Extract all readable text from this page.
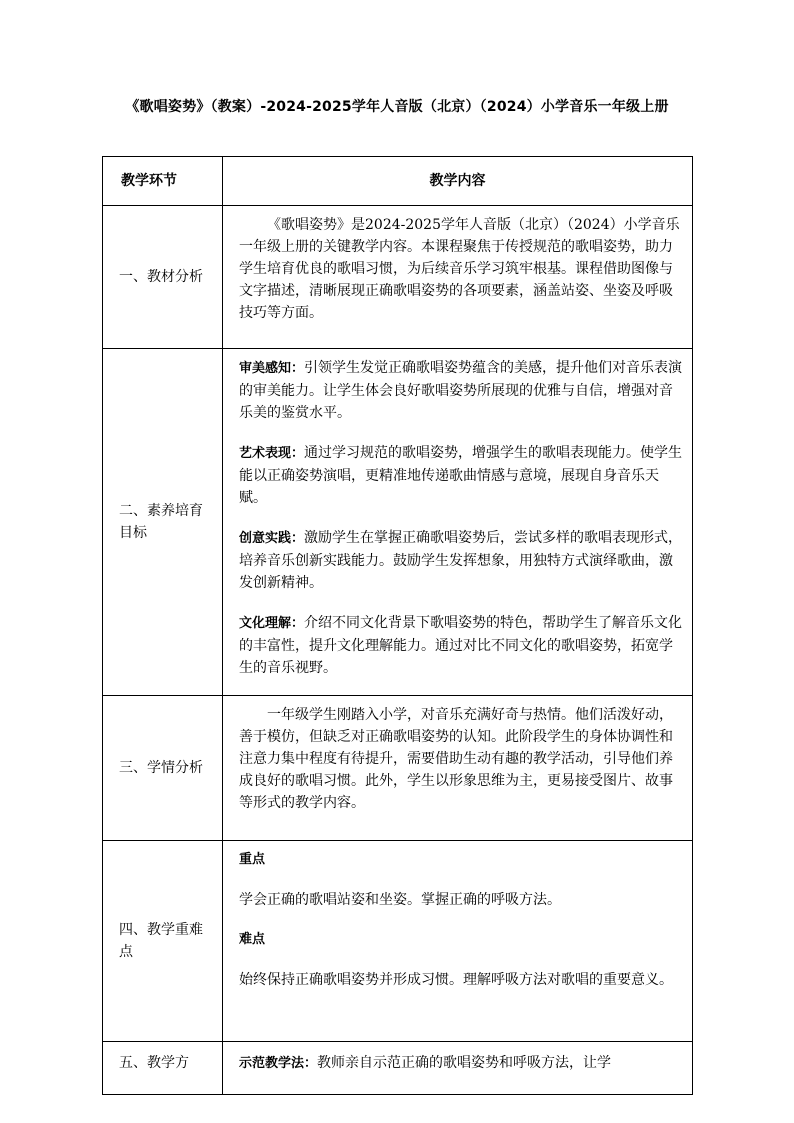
《歌唱姿势》（教案）-2024-2025学年人音版（北京）（2024）小学音乐一年级上册
教学环节	教学内容
一、教材分析	《歌唱姿势》是2024-2025学年人音版（北京）（2024）小学音乐一年级上册的关键教学内容。本课程聚焦于传授规范的歌唱姿势，助力学生培育优良的歌唱习惯，为后续音乐学习筑牢根基。课程借助图像与文字描述，清晰展现正确歌唱姿势的各项要素，涵盖站姿、坐姿及呼吸技巧等方面。

二、素养培育目标	审美感知：引领学生发觉正确歌唱姿势蕴含的美感，提升他们对音乐表演的审美能力。让学生体会良好歌唱姿势所展现的优雅与自信，增强对音乐美的鉴赏水平。

艺术表现：通过学习规范的歌唱姿势，增强学生的歌唱表现能力。使学生能以正确姿势演唱，更精准地传递歌曲情感与意境，展现自身音乐天赋。

创意实践：激励学生在掌握正确歌唱姿势后，尝试多样的歌唱表现形式，培养音乐创新实践能力。鼓励学生发挥想象，用独特方式演绎歌曲，激发创新精神。

文化理解：介绍不同文化背景下歌唱姿势的特色，帮助学生了解音乐文化的丰富性，提升文化理解能力。通过对比不同文化的歌唱姿势，拓宽学生的音乐视野。

三、学情分析	一年级学生刚踏入小学，对音乐充满好奇与热情。他们活泼好动，善于模仿，但缺乏对正确歌唱姿势的认知。此阶段学生的身体协调性和注意力集中程度有待提升，需要借助生动有趣的教学活动，引导他们养成良好的歌唱习惯。此外，学生以形象思维为主，更易接受图片、故事等形式的教学内容。

四、教学重难点	重点

学会正确的歌唱站姿和坐姿。掌握正确的呼吸方法。

难点

始终保持正确歌唱姿势并形成习惯。理解呼吸方法对歌唱的重要意义。

五、教学方	示范教学法：教师亲自示范正确的歌唱姿势和呼吸方法，让学
